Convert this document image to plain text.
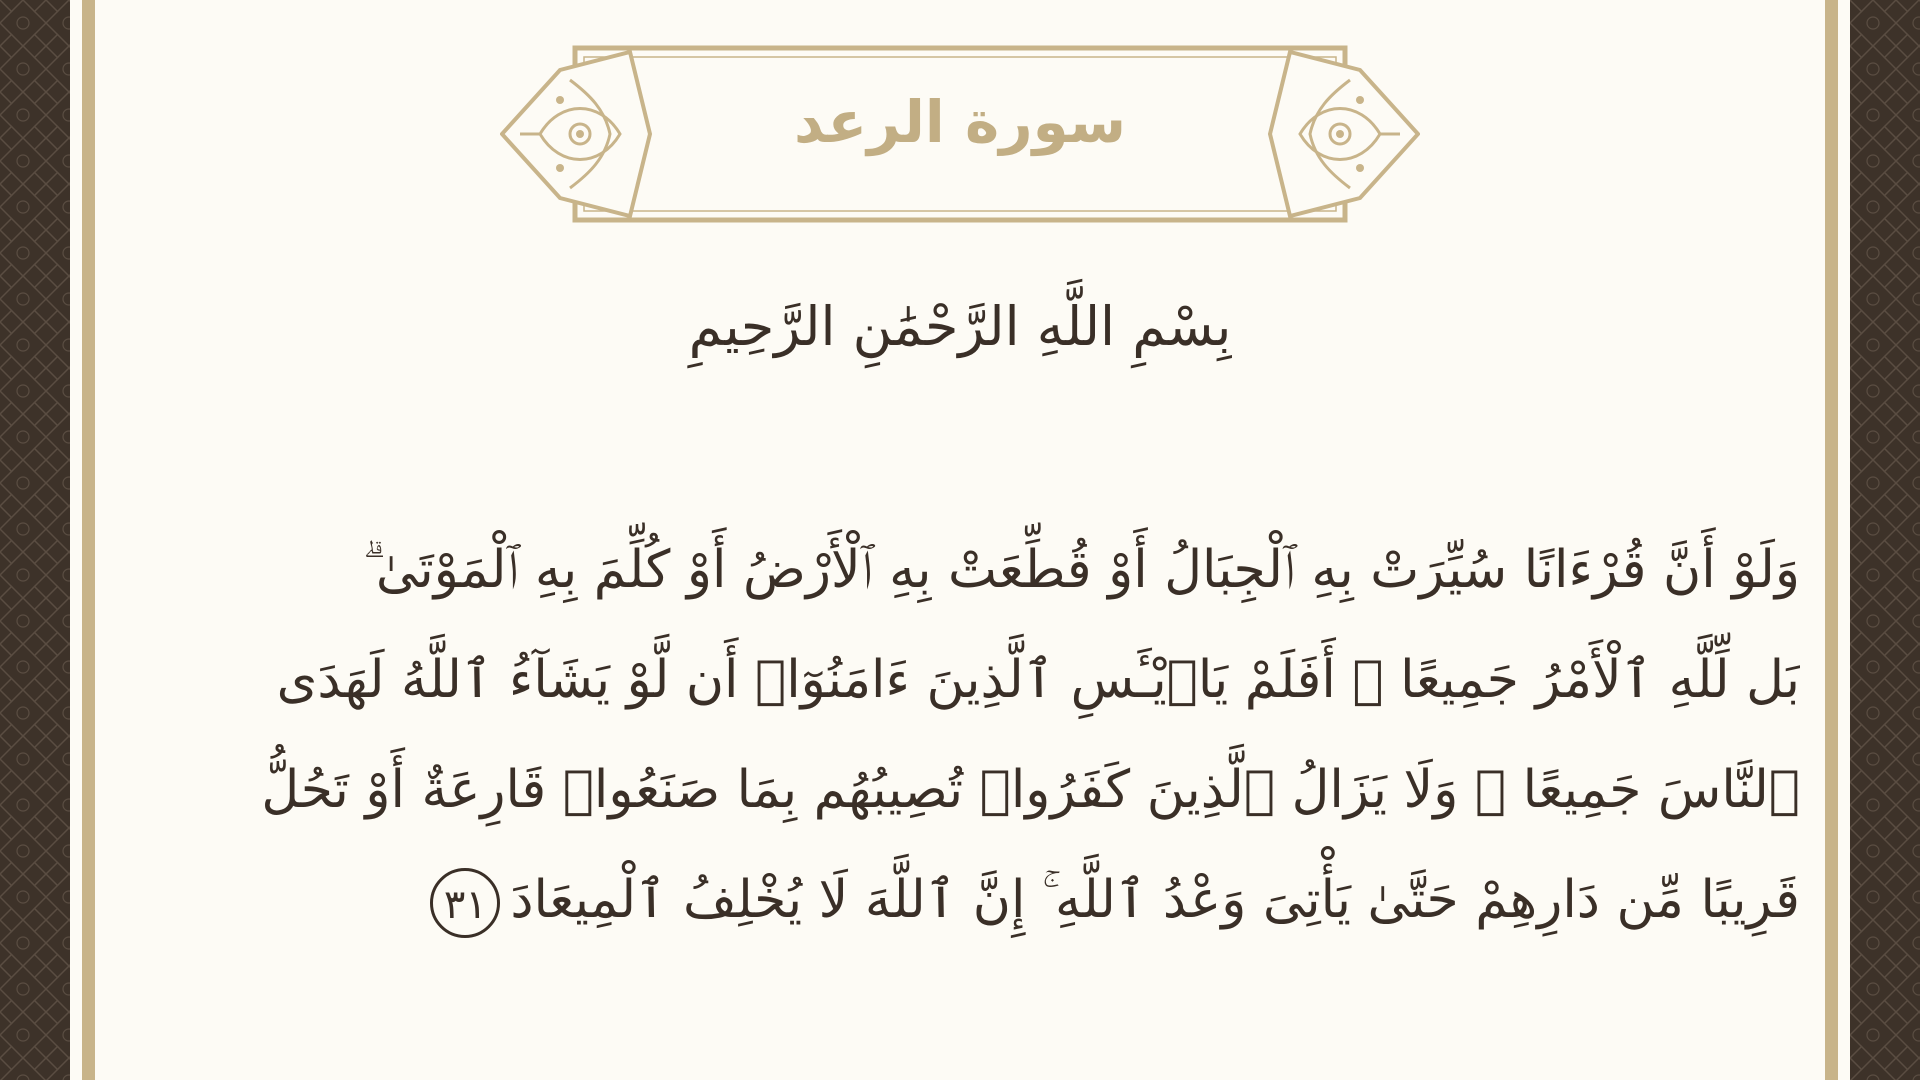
سورة الرعد
بِسْمِ اللَّهِ الرَّحْمَٰنِ الرَّحِيمِ
وَلَوْ أَنَّ قُرْءَانًا سُيِّرَتْ بِهِ ٱلْجِبَالُ أَوْ قُطِّعَتْ بِهِ ٱلْأَرْضُ أَوْ كُلِّمَ بِهِ ٱلْمَوْتَىٰ ۗ
بَل لِّلَّهِ ٱلْأَمْرُ جَمِيعًا ۗ أَفَلَمْ يَا۟يْـَٔسِ ٱلَّذِينَ ءَامَنُوٓا۟ أَن لَّوْ يَشَآءُ ٱللَّهُ لَهَدَى
ٱلنَّاسَ جَمِيعًا ۗ وَلَا يَزَالُ ٱلَّذِينَ كَفَرُوا۟ تُصِيبُهُم بِمَا صَنَعُوا۟ قَارِعَةٌ أَوْ تَحُلُّ
قَرِيبًا مِّن دَارِهِمْ حَتَّىٰ يَأْتِىَ وَعْدُ ٱللَّهِ ۚ إِنَّ ٱللَّهَ لَا يُخْلِفُ ٱلْمِيعَادَ٣١
